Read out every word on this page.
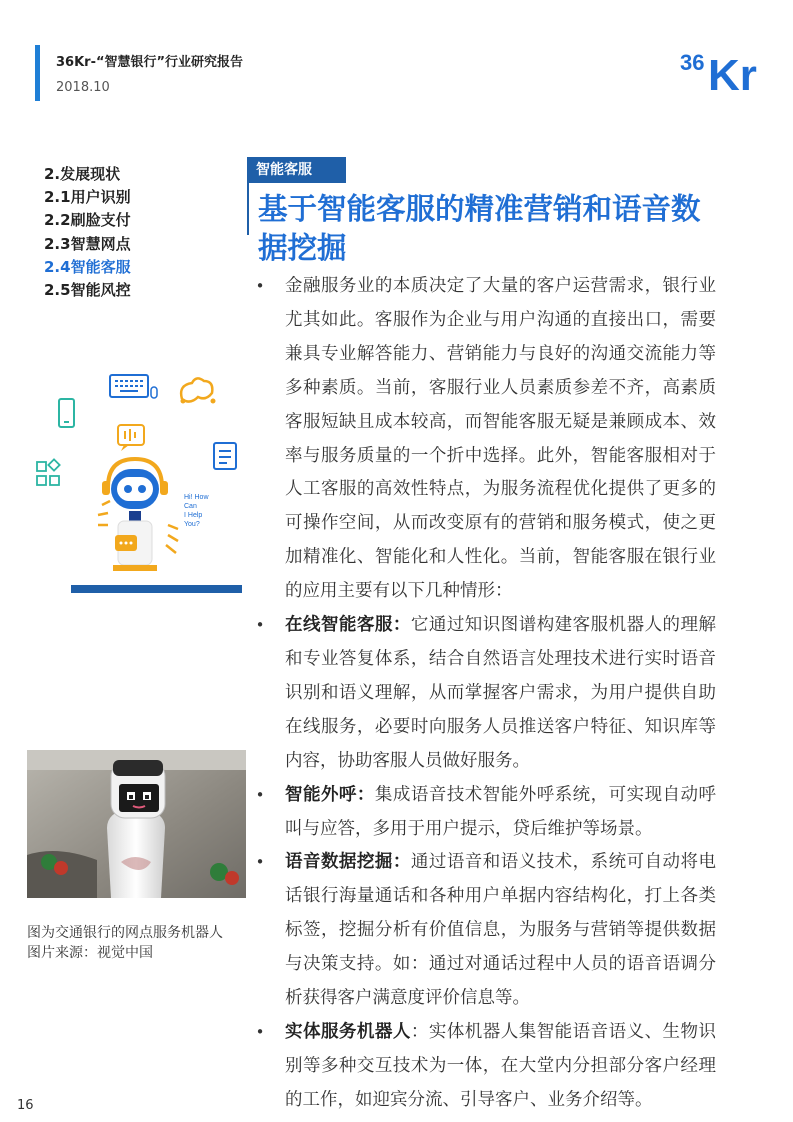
36Kr-“智慧银行”行业研究报告
2018.10
36 Kr
2.发展现状
2.1用户识别
2.2刷脸支付
2.3智慧网点
2.4智能客服
2.5智能风控
Hi! How Can I Help You?
图为交通银行的网点服务机器人
图片来源：视觉中国
智能客服
基于智能客服的精准营销和语音数据挖掘
• 金融服务业的本质决定了大量的客户运营需求，银行业尤其如此。客服作为企业与用户沟通的直接出口，需要兼具专业解答能力、营销能力与良好的沟通交流能力等多种素质。当前，客服行业人员素质参差不齐，高素质客服短缺且成本较高，而智能客服无疑是兼顾成本、效率与服务质量的一个折中选择。此外，智能客服相对于人工客服的高效性特点，为服务流程优化提供了更多的可操作空间，从而改变原有的营销和服务模式，使之更加精准化、智能化和人性化。当前，智能客服在银行业的应用主要有以下几种情形：
• 在线智能客服：它通过知识图谱构建客服机器人的理解和专业答复体系，结合自然语言处理技术进行实时语音识别和语义理解，从而掌握客户需求，为用户提供自助在线服务，必要时向服务人员推送客户特征、知识库等内容，协助客服人员做好服务。
• 智能外呼：集成语音技术智能外呼系统，可实现自动呼叫与应答，多用于用户提示，贷后维护等场景。
• 语音数据挖掘：通过语音和语义技术，系统可自动将电话银行海量通话和各种用户单据内容结构化，打上各类标签，挖掘分析有价值信息，为服务与营销等提供数据与决策支持。如：通过对通话过程中人员的语音语调分析获得客户满意度评价信息等。
• 实体服务机器人：实体机器人集智能语音语义、生物识别等多种交互技术为一体，在大堂内分担部分客户经理的工作，如迎宾分流、引导客户、业务介绍等。
16
